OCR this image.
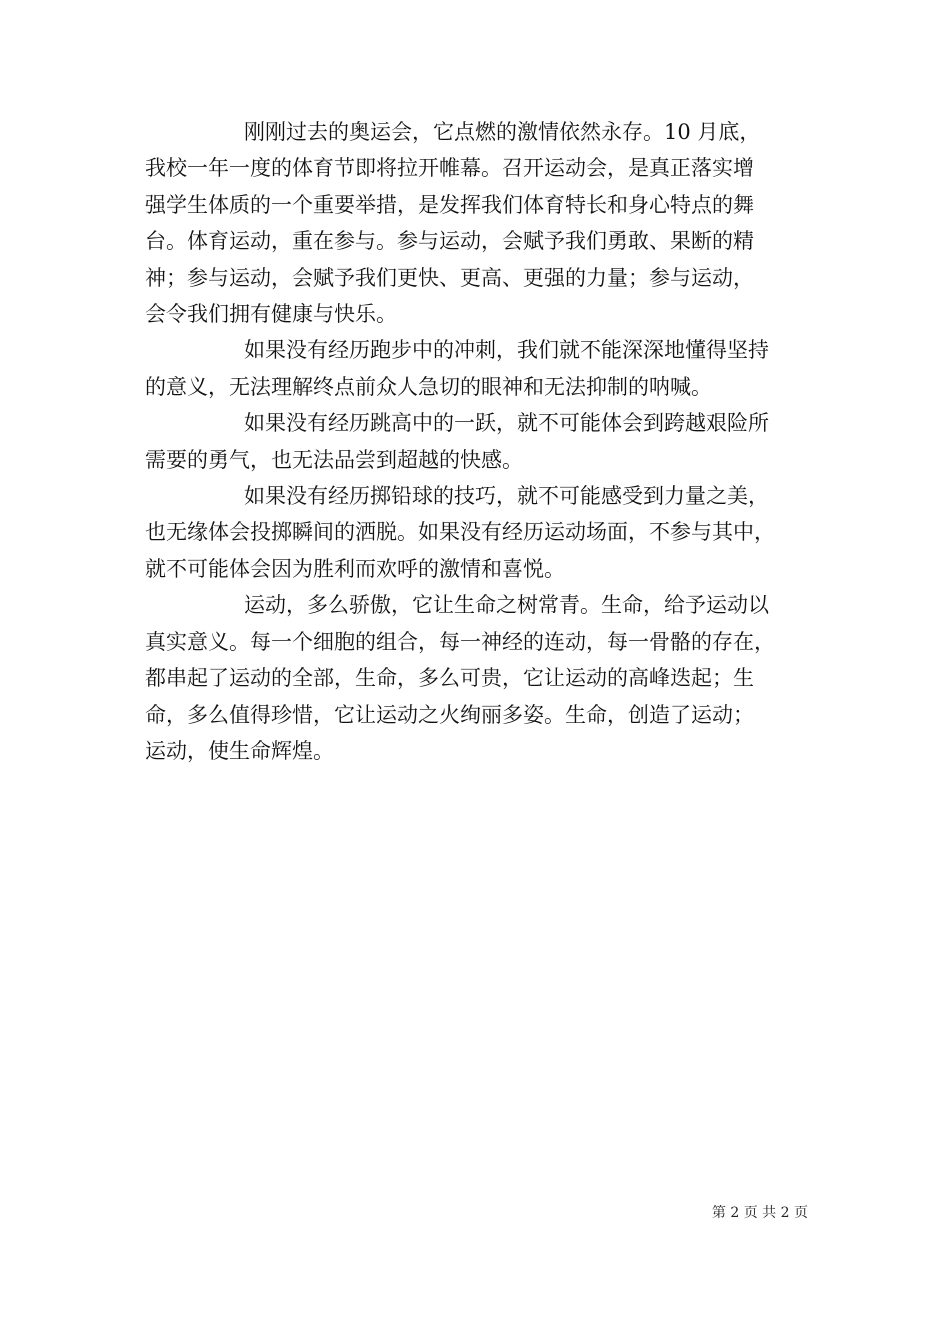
刚刚过去的奥运会，它点燃的激情依然永存。10 月底，
我校一年一度的体育节即将拉开帷幕。召开运动会，是真正落实增
强学生体质的一个重要举措，是发挥我们体育特长和身心特点的舞
台。体育运动，重在参与。参与运动，会赋予我们勇敢、果断的精
神；参与运动，会赋予我们更快、更高、更强的力量；参与运动，
会令我们拥有健康与快乐。

如果没有经历跑步中的冲刺，我们就不能深深地懂得坚持
的意义，无法理解终点前众人急切的眼神和无法抑制的呐喊。

如果没有经历跳高中的一跃，就不可能体会到跨越艰险所
需要的勇气，也无法品尝到超越的快感。

如果没有经历掷铅球的技巧，就不可能感受到力量之美，
也无缘体会投掷瞬间的洒脱。如果没有经历运动场面，不参与其中，
就不可能体会因为胜利而欢呼的激情和喜悦。

运动，多么骄傲，它让生命之树常青。生命，给予运动以
真实意义。每一个细胞的组合，每一神经的连动，每一骨骼的存在，
都串起了运动的全部，生命，多么可贵，它让运动的高峰迭起；生
命，多么值得珍惜，它让运动之火绚丽多姿。生命，创造了运动；
运动，使生命辉煌。

第 2 页 共 2 页
